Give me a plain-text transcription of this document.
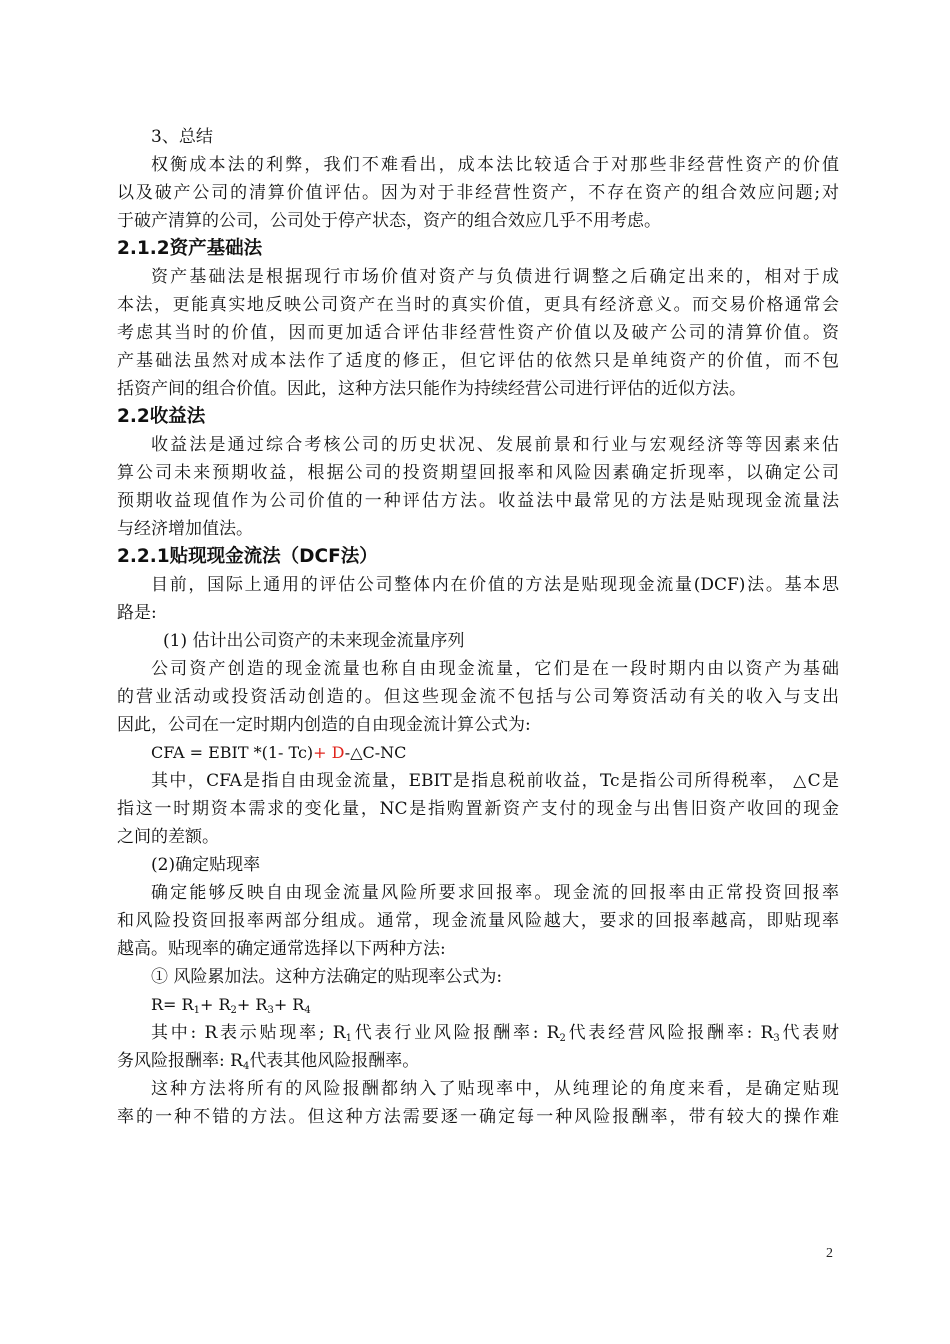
3、总结
权衡成本法的利弊，我们不难看出，成本法比较适合于对那些非经营性资产的价值
以及破产公司的清算价值评估。因为对于非经营性资产，不存在资产的组合效应问题;对
于破产清算的公司，公司处于停产状态，资产的组合效应几乎不用考虑。
2.1.2资产基础法
资产基础法是根据现行市场价值对资产与负债进行调整之后确定出来的，相对于成
本法，更能真实地反映公司资产在当时的真实价值，更具有经济意义。而交易价格通常会
考虑其当时的价值，因而更加适合评估非经营性资产价值以及破产公司的清算价值。资
产基础法虽然对成本法作了适度的修正，但它评估的依然只是单纯资产的价值，而不包
括资产间的组合价值。因此，这种方法只能作为持续经营公司进行评估的近似方法。
2.2收益法
收益法是通过综合考核公司的历史状况、发展前景和行业与宏观经济等等因素来估
算公司未来预期收益，根据公司的投资期望回报率和风险因素确定折现率，以确定公司
预期收益现值作为公司价值的一种评估方法。收益法中最常见的方法是贴现现金流量法
与经济增加值法。
2.2.1贴现现金流法（DCF法）
目前，国际上通用的评估公司整体内在价值的方法是贴现现金流量(DCF)法。基本思
路是:
(1) 估计出公司资产的未来现金流量序列
公司资产创造的现金流量也称自由现金流量，它们是在一段时期内由以资产为基础
的营业活动或投资活动创造的。但这些现金流不包括与公司筹资活动有关的收入与支出
因此，公司在一定时期内创造的自由现金流计算公式为:
CFA = EBIT *(1- Tc)+ D-△C-NC
其中，CFA是指自由现金流量，EBIT是指息税前收益，Tc是指公司所得税率， △C是
指这一时期资本需求的变化量，NC是指购置新资产支付的现金与出售旧资产收回的现金
之间的差额。
(2)确定贴现率
确定能够反映自由现金流量风险所要求回报率。现金流的回报率由正常投资回报率
和风险投资回报率两部分组成。通常，现金流量风险越大，要求的回报率越高，即贴现率
越高。贴现率的确定通常选择以下两种方法:
① 风险累加法。这种方法确定的贴现率公式为:
$R= R_1+ R_2+ R_3+ R_4$
其中: R表示贴现率; $R_1$代表行业风险报酬率: $R_2$代表经营风险报酬率: $R_3$代表财
务风险报酬率: $R_4$代表其他风险报酬率。
这种方法将所有的风险报酬都纳入了贴现率中，从纯理论的角度来看，是确定贴现
率的一种不错的方法。但这种方法需要逐一确定每一种风险报酬率，带有较大的操作难
2
